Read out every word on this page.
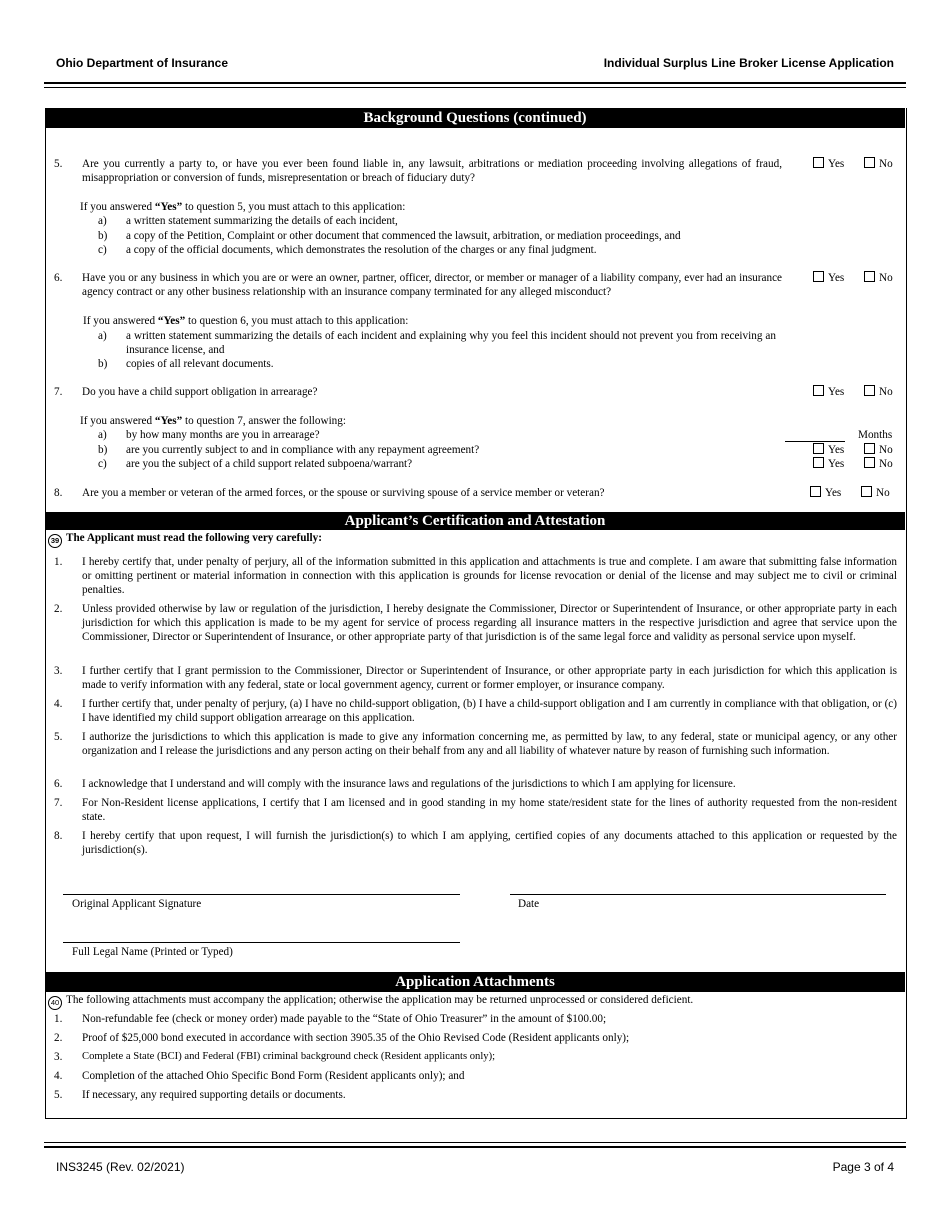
Ohio Department of Insurance	Individual Surplus Line Broker License Application
Background Questions (continued)
5. Are you currently a party to, or have you ever been found liable in, any lawsuit, arbitrations or mediation proceeding involving allegations of fraud, misappropriation or conversion of funds, misrepresentation or breach of fiduciary duty?
Yes	No
If you answered “Yes” to question 5, you must attach to this application:
a) a written statement summarizing the details of each incident,
b) a copy of the Petition, Complaint or other document that commenced the lawsuit, arbitration, or mediation proceedings, and
c) a copy of the official documents, which demonstrates the resolution of the charges or any final judgment.
6. Have you or any business in which you are or were an owner, partner, officer, director, or member or manager of a liability company, ever had an insurance agency contract or any other business relationship with an insurance company terminated for any alleged misconduct?
Yes	No
If you answered “Yes” to question 6, you must attach to this application:
a) a written statement summarizing the details of each incident and explaining why you feel this incident should not prevent you from receiving an insurance license, and
b) copies of all relevant documents.
7. Do you have a child support obligation in arrearage?	Yes	No
If you answered “Yes” to question 7, answer the following:
a) by how many months are you in arrearage?	Months
b) are you currently subject to and in compliance with any repayment agreement?	Yes	No
c) are you the subject of a child support related subpoena/warrant?	Yes	No
8. Are you a member or veteran of the armed forces, or the spouse or surviving spouse of a service member or veteran?	Yes	No
Applicant’s Certification and Attestation
39 The Applicant must read the following very carefully:
1. I hereby certify that, under penalty of perjury, all of the information submitted in this application and attachments is true and complete. I am aware that submitting false information or omitting pertinent or material information in connection with this application is grounds for license revocation or denial of the license and may subject me to civil or criminal penalties.
2. Unless provided otherwise by law or regulation of the jurisdiction, I hereby designate the Commissioner, Director or Superintendent of Insurance, or other appropriate party in each jurisdiction for which this application is made to be my agent for service of process regarding all insurance matters in the respective jurisdiction and agree that service upon the Commissioner, Director or Superintendent of Insurance, or other appropriate party of that jurisdiction is of the same legal force and validity as personal service upon myself.
3. I further certify that I grant permission to the Commissioner, Director or Superintendent of Insurance, or other appropriate party in each jurisdiction for which this application is made to verify information with any federal, state or local government agency, current or former employer, or insurance company.
4. I further certify that, under penalty of perjury, (a) I have no child-support obligation, (b) I have a child-support obligation and I am currently in compliance with that obligation, or (c) I have identified my child support obligation arrearage on this application.
5. I authorize the jurisdictions to which this application is made to give any information concerning me, as permitted by law, to any federal, state or municipal agency, or any other organization and I release the jurisdictions and any person acting on their behalf from any and all liability of whatever nature by reason of furnishing such information.
6. I acknowledge that I understand and will comply with the insurance laws and regulations of the jurisdictions to which I am applying for licensure.
7. For Non-Resident license applications, I certify that I am licensed and in good standing in my home state/resident state for the lines of authority requested from the non-resident state.
8. I hereby certify that upon request, I will furnish the jurisdiction(s) to which I am applying, certified copies of any documents attached to this application or requested by the jurisdiction(s).
Original Applicant Signature	Date
Full Legal Name (Printed or Typed)
Application Attachments
40 The following attachments must accompany the application; otherwise the application may be returned unprocessed or considered deficient.
1. Non-refundable fee (check or money order) made payable to the “State of Ohio Treasurer” in the amount of $100.00;
2. Proof of $25,000 bond executed in accordance with section 3905.35 of the Ohio Revised Code (Resident applicants only);
3. Complete a State (BCI) and Federal (FBI) criminal background check (Resident applicants only);
4. Completion of the attached Ohio Specific Bond Form (Resident applicants only); and
5. If necessary, any required supporting details or documents.
INS3245 (Rev. 02/2021)	Page 3 of 4
